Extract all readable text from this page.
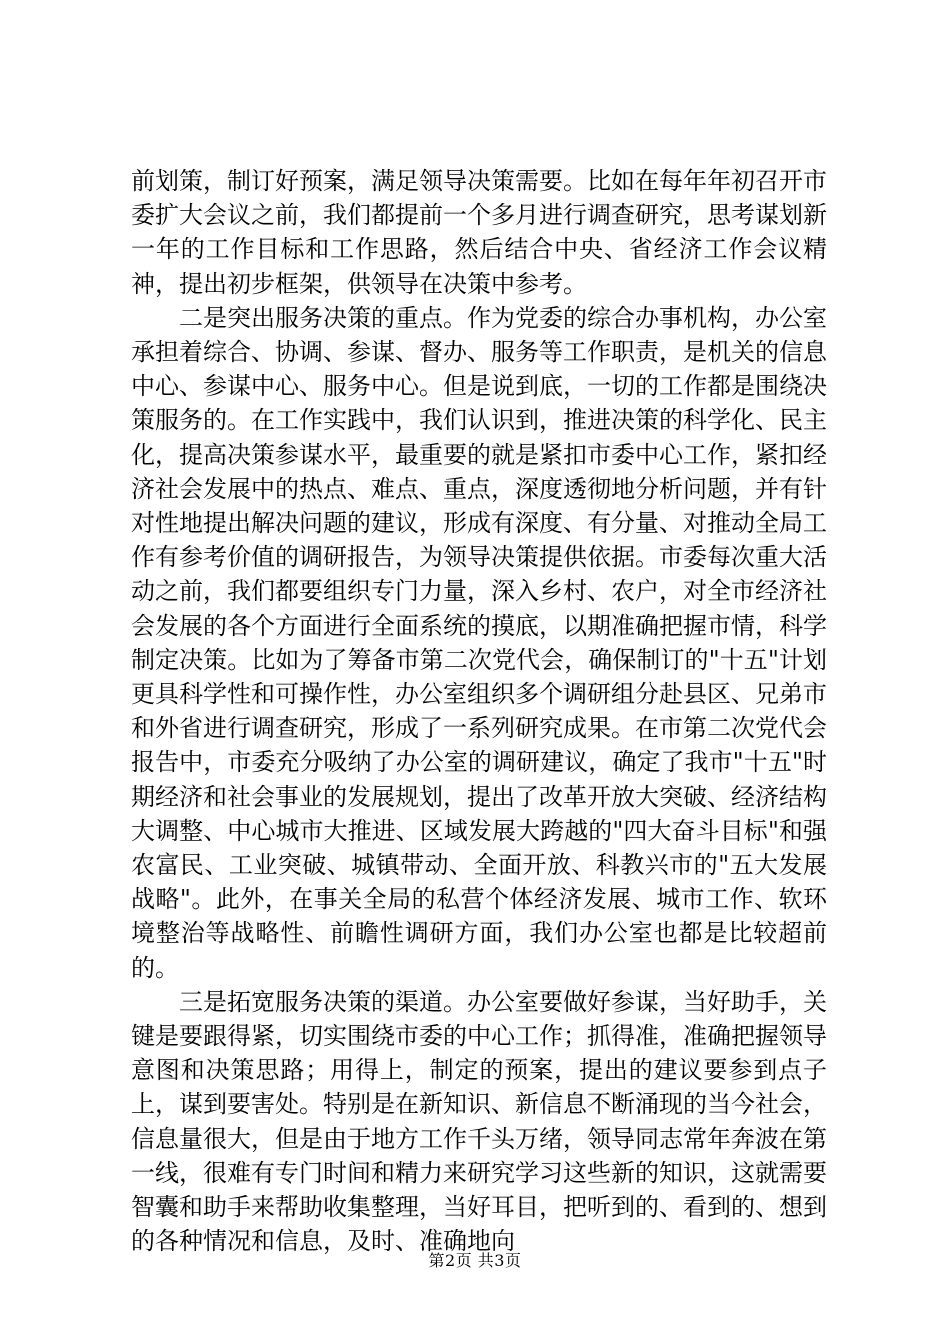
前划策，制订好预案，满足领导决策需要。比如在每年年初召开市委扩大会议之前，我们都提前一个多月进行调查研究，思考谋划新一年的工作目标和工作思路，然后结合中央、省经济工作会议精神，提出初步框架，供领导在决策中参考。

二是突出服务决策的重点。作为党委的综合办事机构，办公室承担着综合、协调、参谋、督办、服务等工作职责，是机关的信息中心、参谋中心、服务中心。但是说到底，一切的工作都是围绕决策服务的。在工作实践中，我们认识到，推进决策的科学化、民主化，提高决策参谋水平，最重要的就是紧扣市委中心工作，紧扣经济社会发展中的热点、难点、重点，深度透彻地分析问题，并有针对性地提出解决问题的建议，形成有深度、有分量、对推动全局工作有参考价值的调研报告，为领导决策提供依据。市委每次重大活动之前，我们都要组织专门力量，深入乡村、农户，对全市经济社会发展的各个方面进行全面系统的摸底，以期准确把握市情，科学制定决策。比如为了筹备市第二次党代会，确保制订的"十五"计划更具科学性和可操作性，办公室组织多个调研组分赴县区、兄弟市和外省进行调查研究，形成了一系列研究成果。在市第二次党代会报告中，市委充分吸纳了办公室的调研建议，确定了我市"十五"时期经济和社会事业的发展规划，提出了改革开放大突破、经济结构大调整、中心城市大推进、区域发展大跨越的"四大奋斗目标"和强农富民、工业突破、城镇带动、全面开放、科教兴市的"五大发展战略"。此外，在事关全局的私营个体经济发展、城市工作、软环境整治等战略性、前瞻性调研方面，我们办公室也都是比较超前的。

三是拓宽服务决策的渠道。办公室要做好参谋，当好助手，关键是要跟得紧，切实围绕市委的中心工作；抓得准，准确把握领导意图和决策思路；用得上，制定的预案，提出的建议要参到点子上，谋到要害处。特别是在新知识、新信息不断涌现的当今社会，信息量很大，但是由于地方工作千头万绪，领导同志常年奔波在第一线，很难有专门时间和精力来研究学习这些新的知识，这就需要智囊和助手来帮助收集整理，当好耳目，把听到的、看到的、想到的各种情况和信息，及时、准确地向

第2页 共3页
